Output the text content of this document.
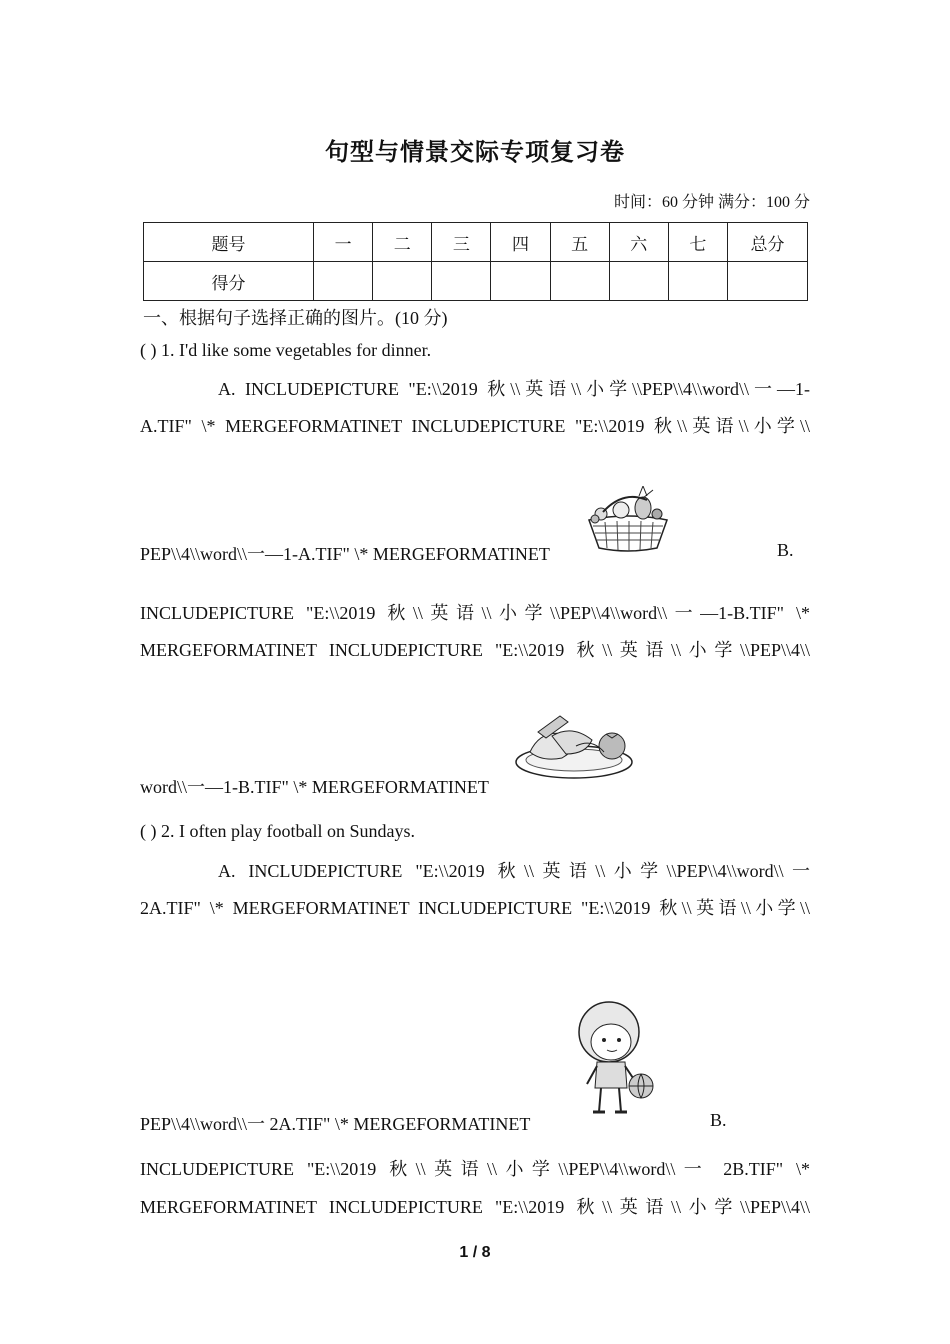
句型与情景交际专项复习卷
时间：60 分钟 满分：100 分
题号	一	二	三	四	五	六	七	总分
得分								
一、根据句子选择正确的图片。(10 分)
( ) 1. I'd like some vegetables for dinner.
A. INCLUDEPICTURE "E:\\2019 秋\\英语\\小学\\PEP\\4\\word\\一—1-
A.TIF" \* MERGEFORMATINET INCLUDEPICTURE "E:\\2019 秋\\英语\\小学\\
PEP\\4\\word\\一—1-A.TIF" \* MERGEFORMATINET	B.
INCLUDEPICTURE "E:\\2019 秋\\英语\\小学\\PEP\\4\\word\\一—1-B.TIF" \*
MERGEFORMATINET INCLUDEPICTURE "E:\\2019 秋\\英语\\小学\\PEP\\4\\
word\\一—1-B.TIF" \* MERGEFORMATINET
( ) 2. I often play football on Sundays.
A. INCLUDEPICTURE "E:\\2019 秋\\英语\\小学\\PEP\\4\\word\\一
2A.TIF" \* MERGEFORMATINET INCLUDEPICTURE "E:\\2019 秋\\英语\\小学\\
PEP\\4\\word\\一 2A.TIF" \* MERGEFORMATINET	B.
INCLUDEPICTURE "E:\\2019 秋\\英语\\小学\\PEP\\4\\word\\一 2B.TIF" \*
MERGEFORMATINET INCLUDEPICTURE "E:\\2019 秋\\英语\\小学\\PEP\\4\\
1 / 8
